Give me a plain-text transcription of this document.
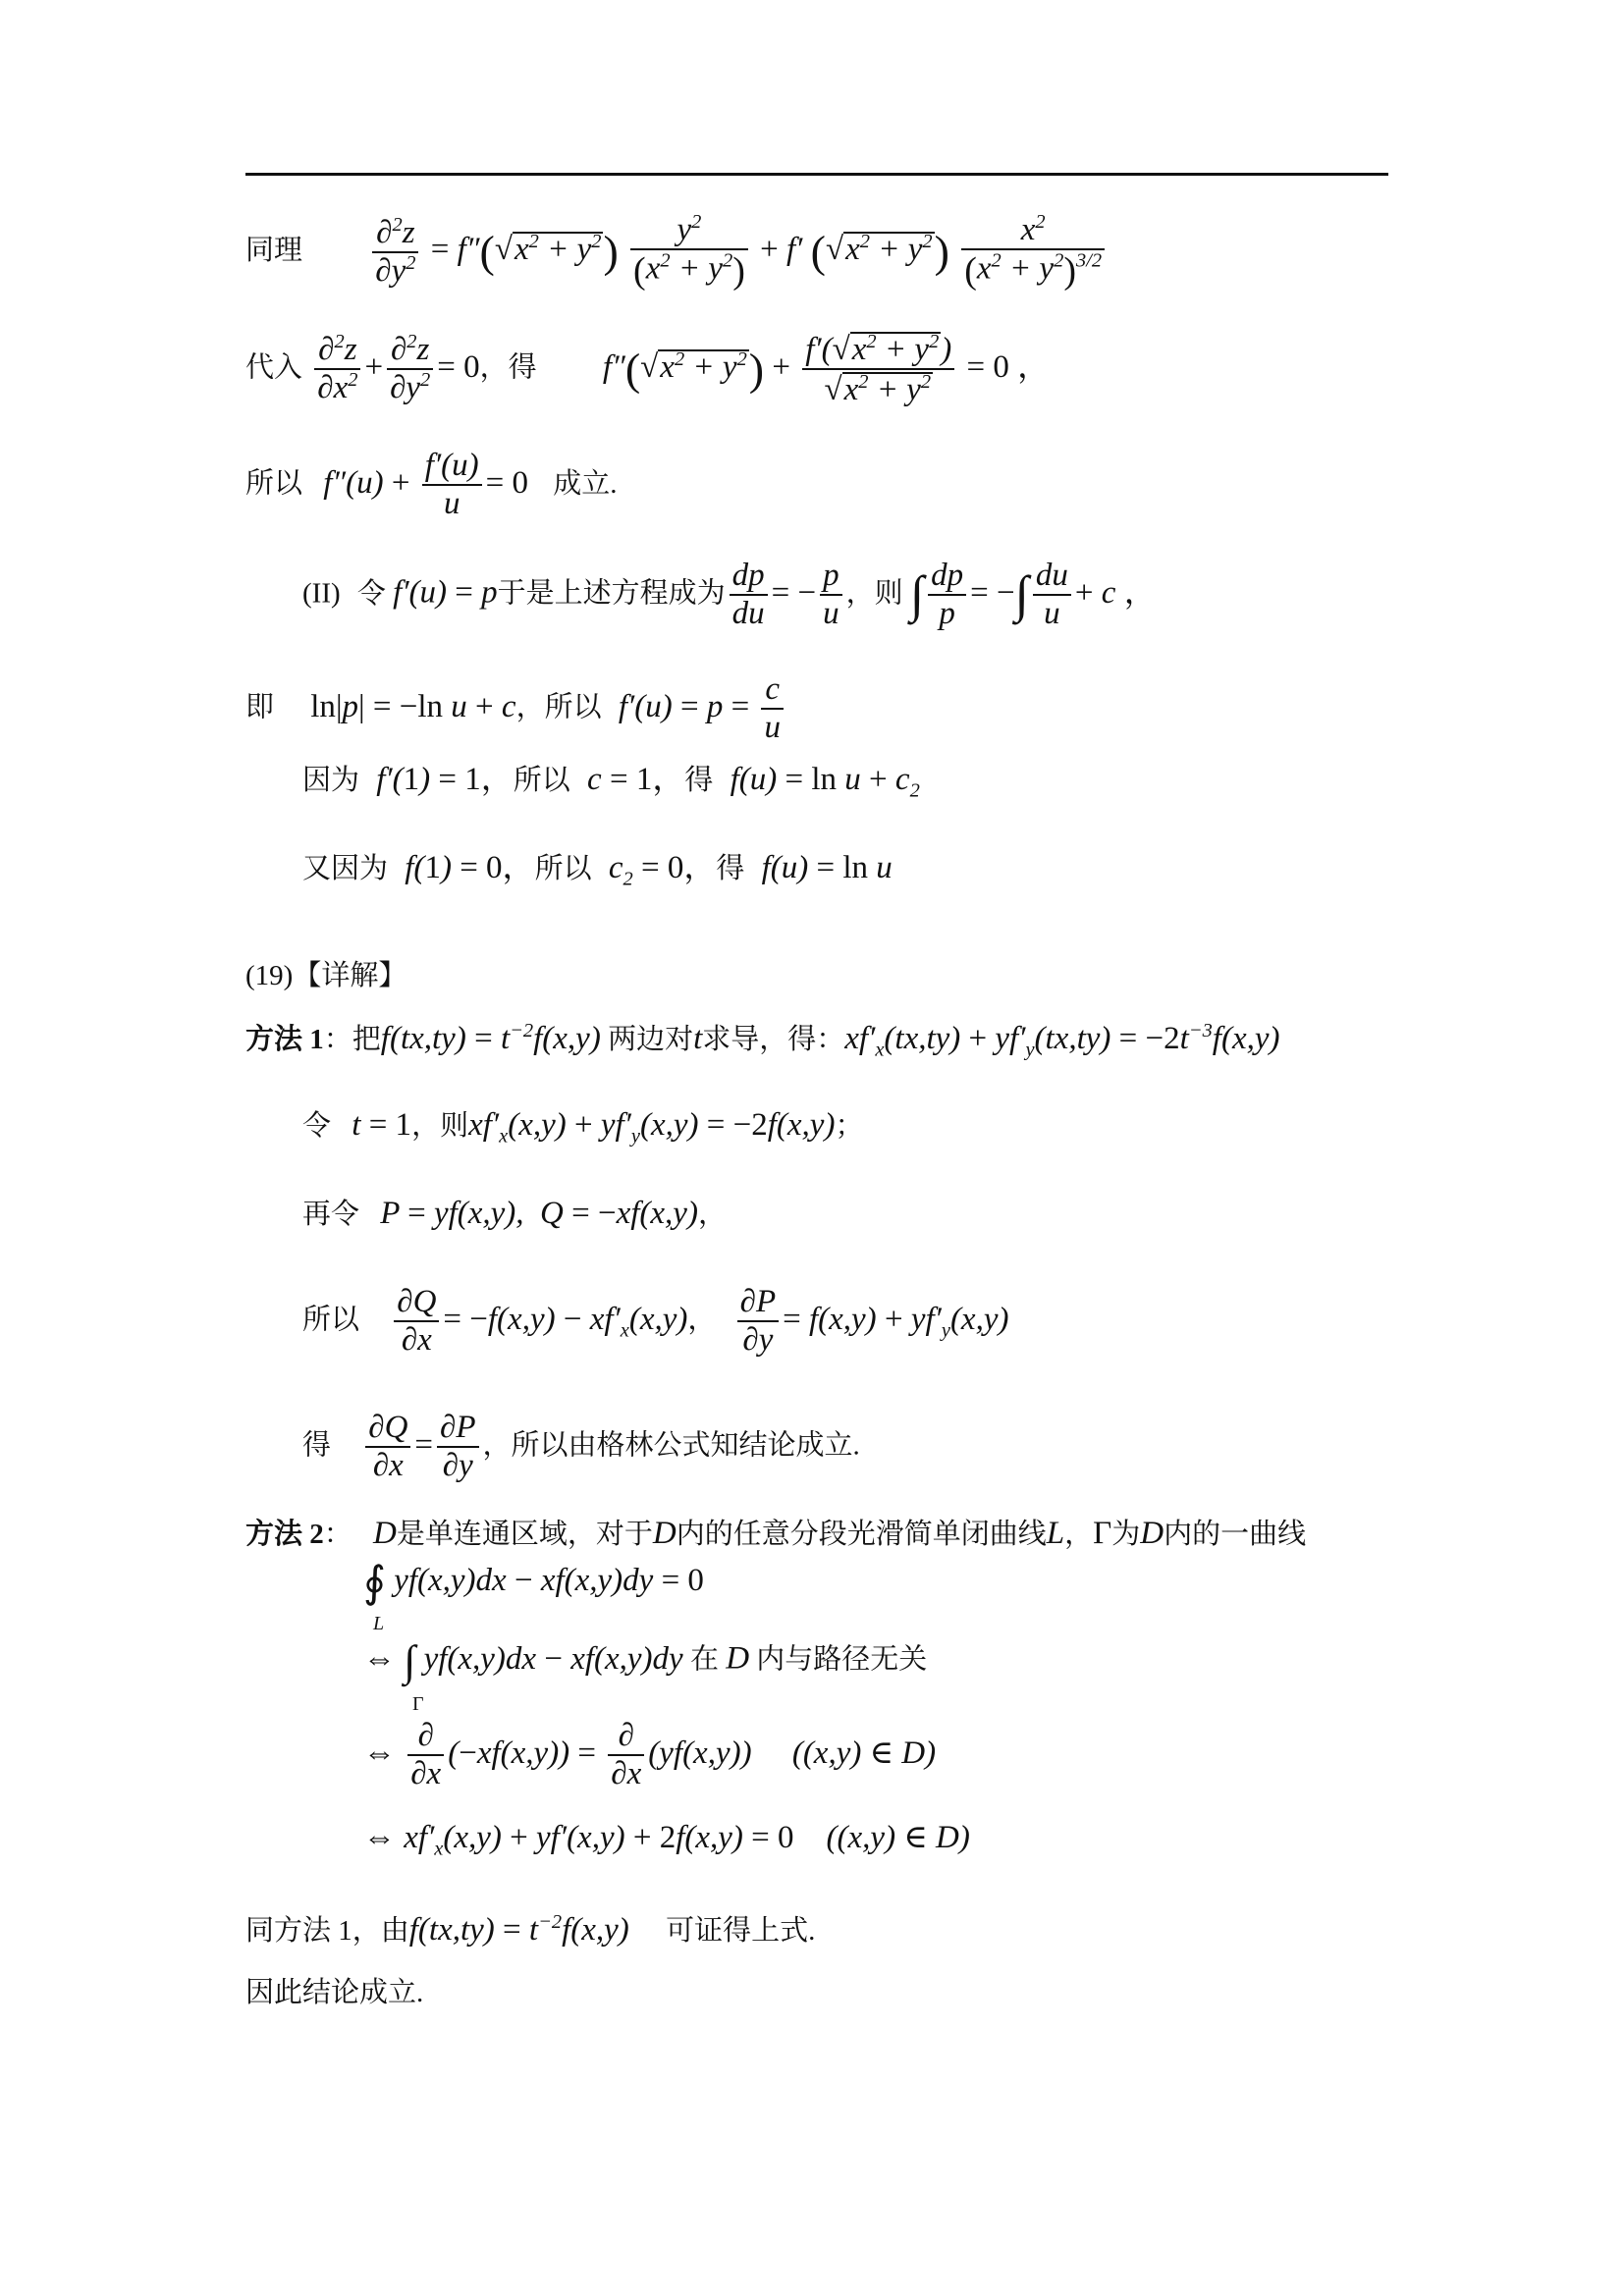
同理 $\frac{\partial^2z}{\partial y^2} = f''(√x^2 + y^2) \frac{y^2}{(x^2 + y^2)} + f'$ $(√x^2 + y^2) \frac{x^2}{(x^2 + y^2)^{3/2}}$
代入 $\frac{\partial^2z}{\partial x^2} + \frac{\partial^2z}{\partial y^2} = 0$，得 $f''(√x^2 + y^2) + \frac{f'(√x^2 + y^2)}{√x^2 + y^2} = 0$ ，
所以 $f''(u) + \frac{f'(u)}{u} = 0$ 成立.
(II) 令 f′(u) = p于是上述方程成为 $\frac{dp}{du}$ = − $\frac{p}{u}$ ，则 ∫ $\frac{dp}{p}$ = −∫ $\frac{du}{u} + c$ ，
即 ln|p| = −ln u + c，所以 $f'(u) = p = \frac{c}{u}$
因为 f′(1) = 1，所以 c = 1，得 $f(u) = \ln u + c_2$
又因为 f(1) = 0，所以 $c_2 = 0$，得 f(u) = ln u
(19)【详解】
方法 1：把$f(tx,ty) = t^{-2}f(x,y)$ 两边对t求导，得：$xf'_x(tx,ty) + yf'_y(tx,ty) = -2t^{-3}f(x,y)$
令 t = 1，则$xf'_x(x,y) + yf'_y(x,y) = -2f(x,y)$；
再令 P = yf(x,y),  Q = −xf(x,y)，
所以 $\frac{\partial Q}{\partial x} = -f(x,y) - xf'_x(x,y)$， $\frac{\partial P}{\partial y} = f(x,y) + yf'_y(x,y)$
得 $\frac{\partial Q}{\partial x} = \frac{\partial P}{\partial y}$ ，所以由格林公式知结论成立.
方法 2： D是单连通区域，对于D内的任意分段光滑简单闭曲线L，Γ为D内的一曲线
∮ yf(x,y)dx − xf(x,y)dy = 0
L
⇔ ∫ yf(x,y)dx − xf(x,y)dy 在 D 内与路径无关
Γ
⇔ $\frac{\partial}{\partial x} (-xf(x,y)) = \frac{\partial}{\partial x} (yf(x,y))$     ((x,y) ∈ D)
⇔ $xf'_x(x,y) + yf'(x,y) + 2f(x,y) = 0$    ((x,y) ∈ D)
同方法 1，由$f(tx,ty) = t^{-2}f(x,y)$ 可证得上式.
因此结论成立.
